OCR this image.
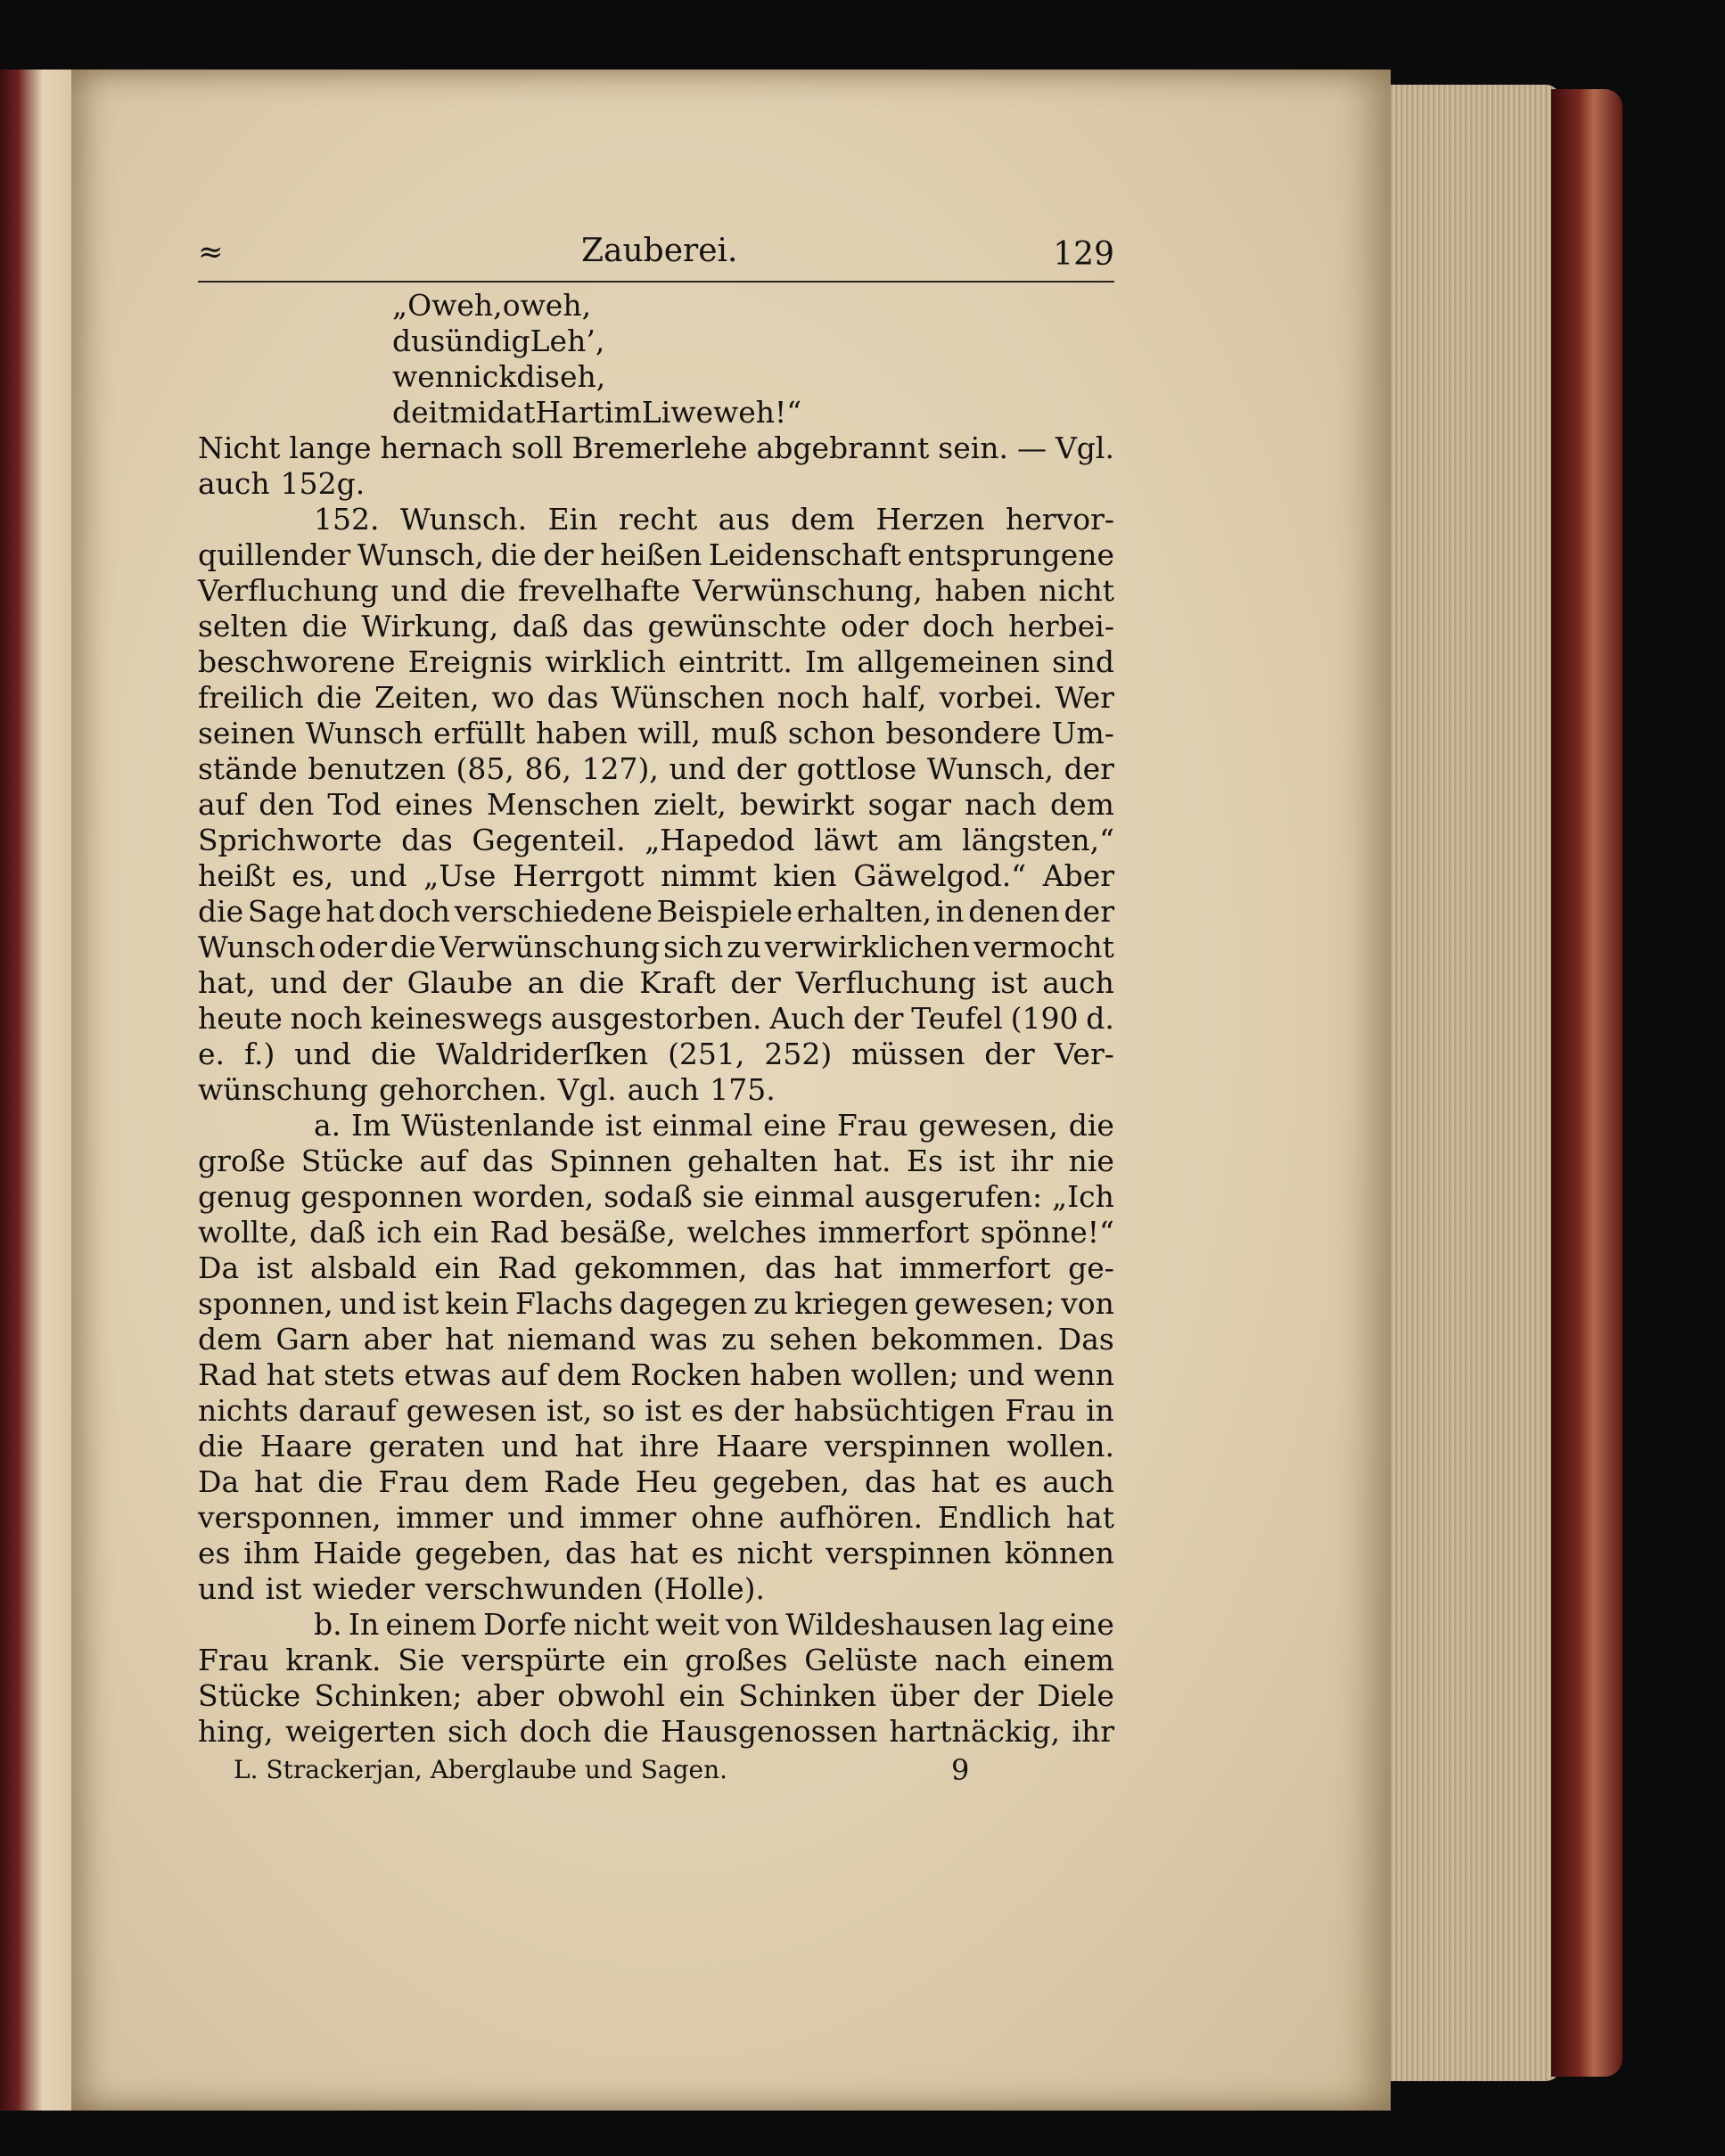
≈	Zauberei.	129
„O weh, o weh,
du sündig Leh’,
wenn ick di seh,
deit mi dat Hart im Liwe weh!“
Nicht lange hernach soll Bremerlehe abgebrannt sein. — Vgl.
auch 152g.
152. Wunsch. Ein recht aus dem Herzen hervor-
quillender Wunsch, die der heißen Leidenschaft entsprungene
Verfluchung und die frevelhafte Verwünschung, haben nicht
selten die Wirkung, daß das gewünschte oder doch herbei-
beschworene Ereignis wirklich eintritt. Im allgemeinen sind
freilich die Zeiten, wo das Wünschen noch half, vorbei. Wer
seinen Wunsch erfüllt haben will, muß schon besondere Um-
stände benutzen (85, 86, 127), und der gottlose Wunsch, der
auf den Tod eines Menschen zielt, bewirkt sogar nach dem
Sprichworte das Gegenteil. „Hapedod läwt am längsten,“
heißt es, und „Use Herrgott nimmt kien Gäwelgod.“ Aber
die Sage hat doch verschiedene Beispiele erhalten, in denen der
Wunsch oder die Verwünschung sich zu verwirklichen vermocht
hat, und der Glaube an die Kraft der Verfluchung ist auch
heute noch keineswegs ausgestorben. Auch der Teufel (190 d.
e. f.) und die Waldriderſken (251, 252) müssen der Ver-
wünschung gehorchen. Vgl. auch 175.
a. Im Wüstenlande ist einmal eine Frau gewesen, die
große Stücke auf das Spinnen gehalten hat. Es ist ihr nie
genug gesponnen worden, sodaß sie einmal ausgerufen: „Ich
wollte, daß ich ein Rad besäße, welches immerfort spönne!“
Da ist alsbald ein Rad gekommen, das hat immerfort ge-
sponnen, und ist kein Flachs dagegen zu kriegen gewesen; von
dem Garn aber hat niemand was zu sehen bekommen. Das
Rad hat stets etwas auf dem Rocken haben wollen; und wenn
nichts darauf gewesen ist, so ist es der habsüchtigen Frau in
die Haare geraten und hat ihre Haare verspinnen wollen.
Da hat die Frau dem Rade Heu gegeben, das hat es auch
versponnen, immer und immer ohne aufhören. Endlich hat
es ihm Haide gegeben, das hat es nicht verspinnen können
und ist wieder verschwunden (Holle).
b. In einem Dorfe nicht weit von Wildeshausen lag eine
Frau krank. Sie verspürte ein großes Gelüste nach einem
Stücke Schinken; aber obwohl ein Schinken über der Diele
hing, weigerten sich doch die Hausgenossen hartnäckig, ihr
L. Strackerjan, Aberglaube und Sagen.	9
